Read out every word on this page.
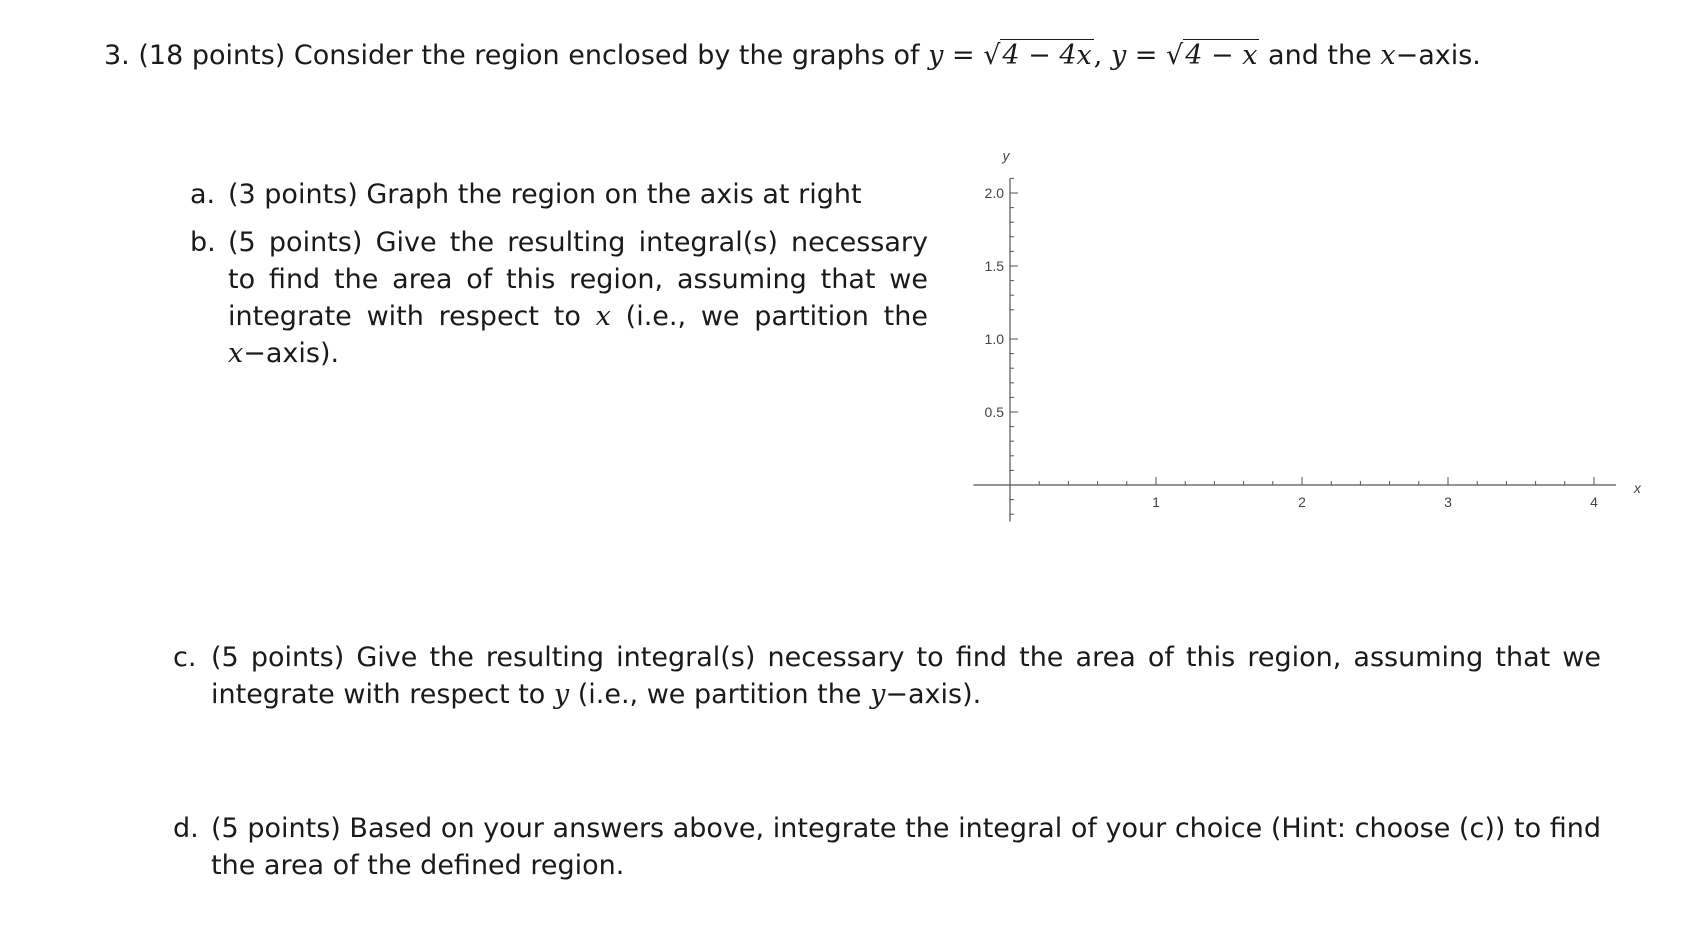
3. (18 points) Consider the region enclosed by the graphs of y = √4 − 4x, y = √4 − x and the x−axis.
a. (3 points) Graph the region on the axis at right
b. (5 points) Give the resulting integral(s) necessary to find the area of this region, assuming that we integrate with respect to x (i.e., we partition the x−axis).
1	2	3	4
0.5
1.0
1.5
2.0
x
y
c. (5 points) Give the resulting integral(s) necessary to find the area of this region, assuming that we integrate with respect to y (i.e., we partition the y−axis).
d. (5 points) Based on your answers above, integrate the integral of your choice (Hint: choose (c)) to find the area of the defined region.
